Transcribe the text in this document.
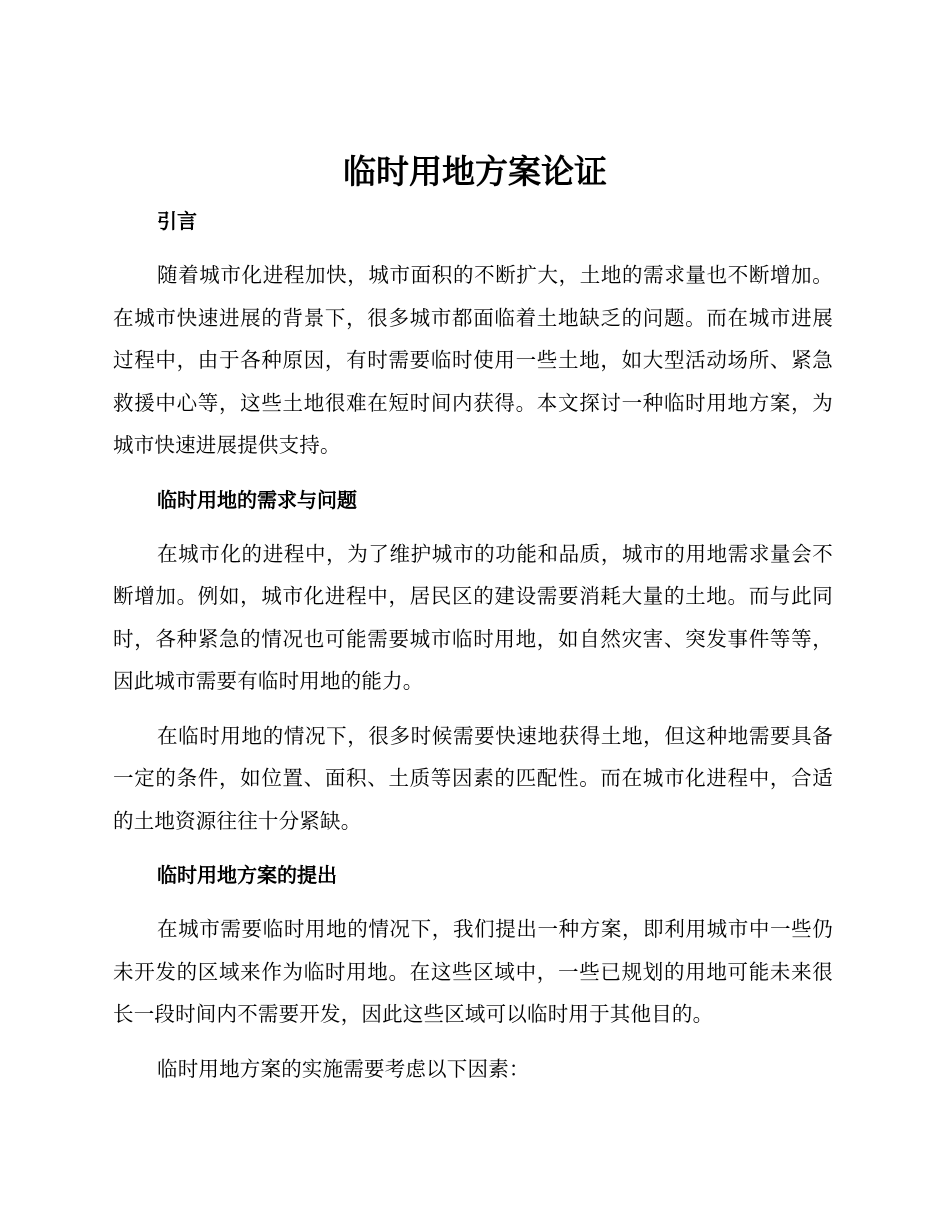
临时用地方案论证
引言

随着城市化进程加快，城市面积的不断扩大，土地的需求量也不断增加。在城市快速进展的背景下，很多城市都面临着土地缺乏的问题。而在城市进展过程中，由于各种原因，有时需要临时使用一些土地，如大型活动场所、紧急救援中心等，这些土地很难在短时间内获得。本文探讨一种临时用地方案，为城市快速进展提供支持。

临时用地的需求与问题

在城市化的进程中，为了维护城市的功能和品质，城市的用地需求量会不断增加。例如，城市化进程中，居民区的建设需要消耗大量的土地。而与此同时，各种紧急的情况也可能需要城市临时用地，如自然灾害、突发事件等等，因此城市需要有临时用地的能力。

在临时用地的情况下，很多时候需要快速地获得土地，但这种地需要具备一定的条件，如位置、面积、土质等因素的匹配性。而在城市化进程中，合适的土地资源往往十分紧缺。

临时用地方案的提出

在城市需要临时用地的情况下，我们提出一种方案，即利用城市中一些仍未开发的区域来作为临时用地。在这些区域中，一些已规划的用地可能未来很长一段时间内不需要开发，因此这些区域可以临时用于其他目的。

临时用地方案的实施需要考虑以下因素：
